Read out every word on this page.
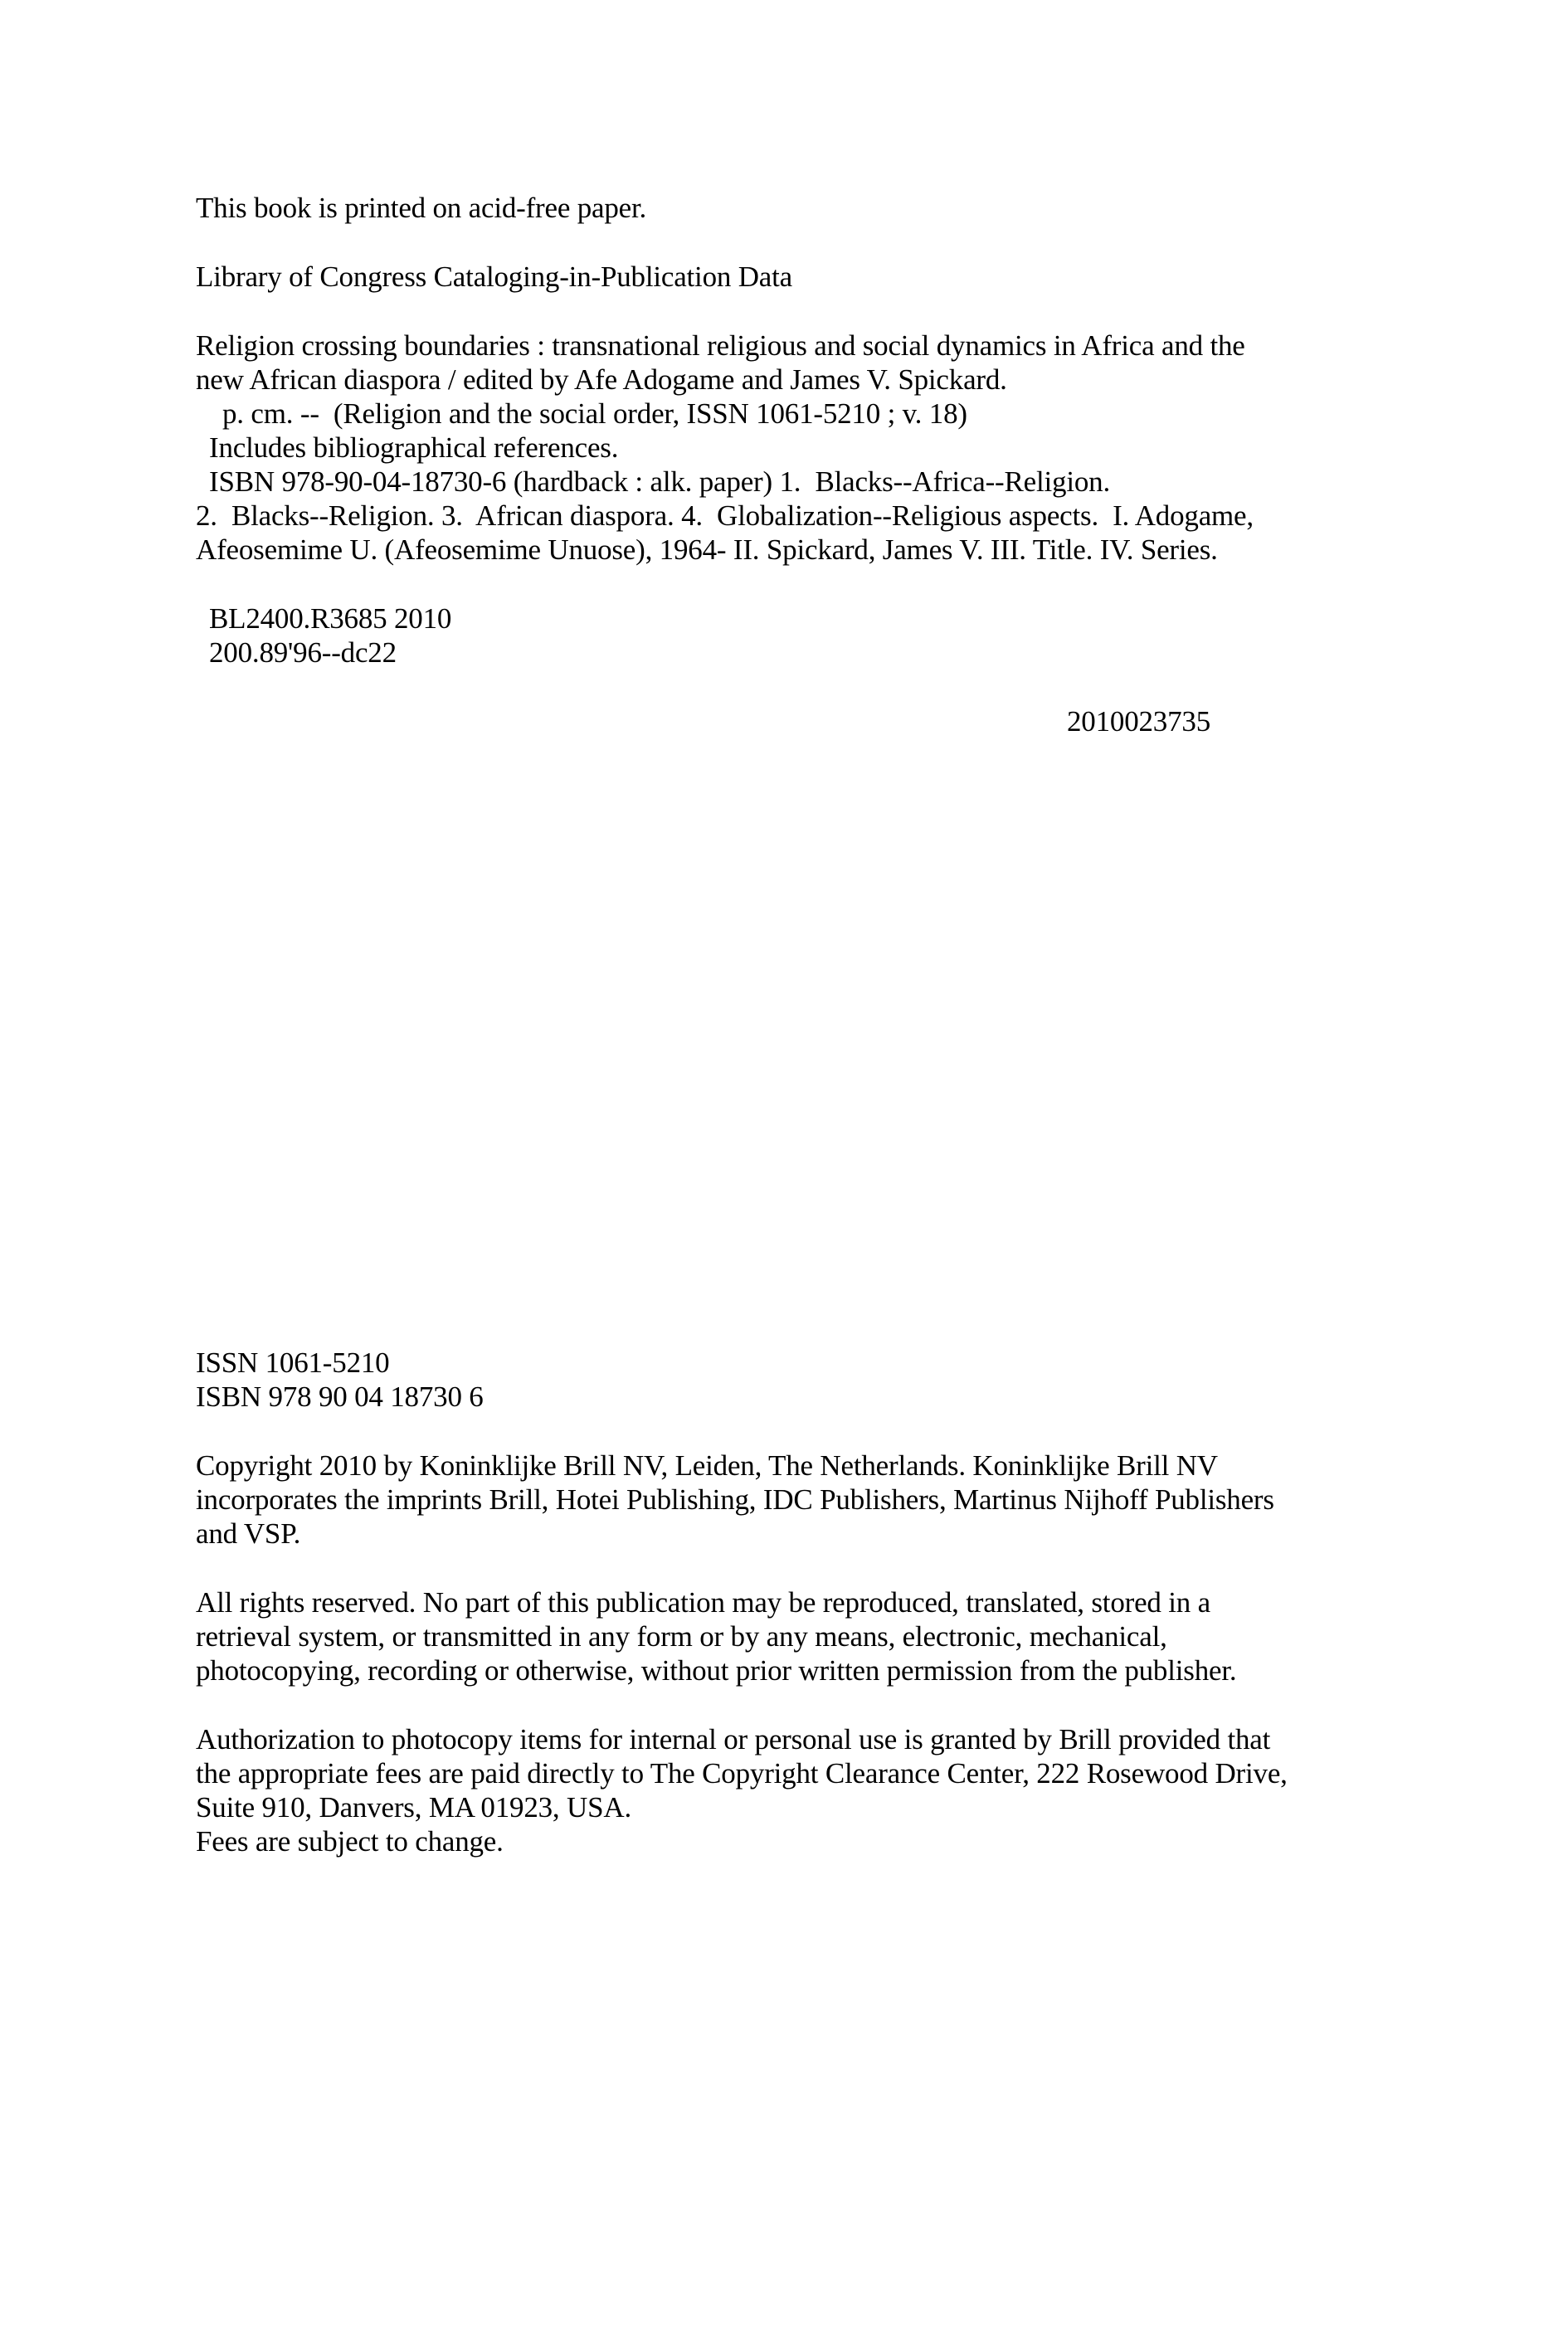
This book is printed on acid-free paper.
Library of Congress Cataloging-in-Publication Data
Religion crossing boundaries : transnational religious and social dynamics in Africa and the
new African diaspora / edited by Afe Adogame and James V. Spickard.
p. cm. --  (Religion and the social order, ISSN 1061-5210 ; v. 18)
Includes bibliographical references.
ISBN 978-90-04-18730-6 (hardback : alk. paper) 1.  Blacks--Africa--Religion.
2.  Blacks--Religion. 3.  African diaspora. 4.  Globalization--Religious aspects.  I. Adogame,
Afeosemime U. (Afeosemime Unuose), 1964- II. Spickard, James V. III. Title. IV. Series.
BL2400.R3685 2010
200.89'96--dc22
2010023735
ISSN 1061-5210
ISBN 978 90 04 18730 6
Copyright 2010 by Koninklijke Brill NV, Leiden, The Netherlands. Koninklijke Brill NV
incorporates the imprints Brill, Hotei Publishing, IDC Publishers, Martinus Nijhoff Publishers
and VSP.
All rights reserved. No part of this publication may be reproduced, translated, stored in a
retrieval system, or transmitted in any form or by any means, electronic, mechanical,
photocopying, recording or otherwise, without prior written permission from the publisher.
Authorization to photocopy items for internal or personal use is granted by Brill provided that
the appropriate fees are paid directly to The Copyright Clearance Center, 222 Rosewood Drive,
Suite 910, Danvers, MA 01923, USA.
Fees are subject to change.
